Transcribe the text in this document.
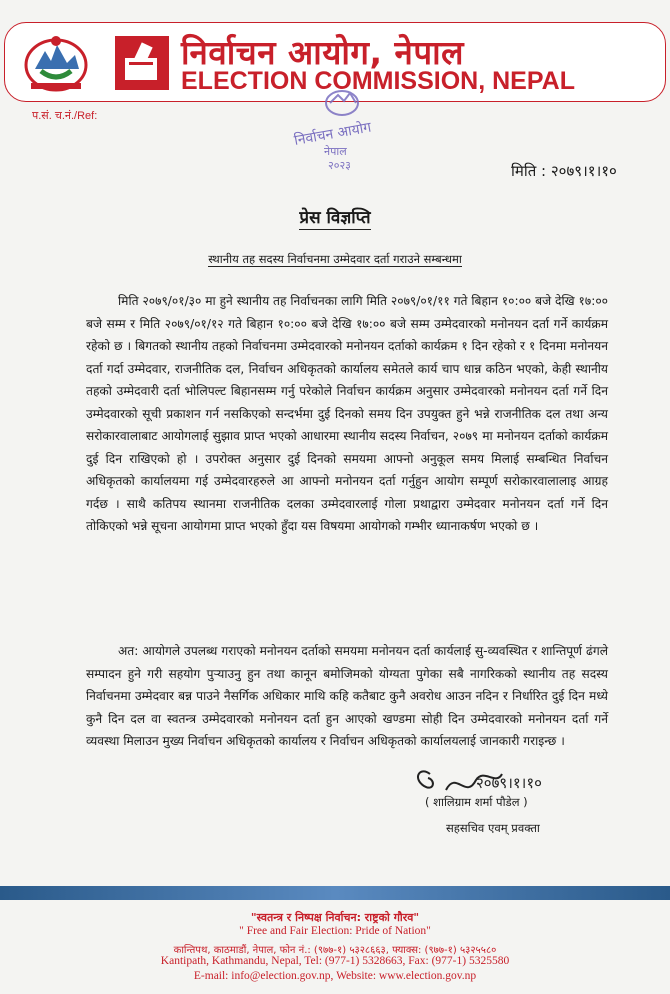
निर्वाचन आयोग, नेपाल
ELECTION COMMISSION, NEPAL
प.सं. च.नं./Ref:
निर्वाचन आयोग
नेपाल
२०२३	मिति : २०७९।१।१०
प्रेस विज्ञप्ति
स्थानीय तह सदस्य निर्वाचनमा उम्मेदवार दर्ता गराउने सम्बन्धमा
मिति २०७९/०१/३० मा हुने स्थानीय तह निर्वाचनका लागि मिति २०७९/०१/११ गते बिहान १०:०० बजे देखि १७:०० बजे सम्म र मिति २०७९/०१/१२ गते बिहान १०:०० बजे देखि १७:०० बजे सम्म उम्मेदवारको मनोनयन दर्ता गर्ने कार्यक्रम रहेको छ । बिगतको स्थानीय तहको निर्वाचनमा उम्मेदवारको मनोनयन दर्ताको कार्यक्रम १ दिन रहेको र १ दिनमा मनोनयन दर्ता गर्दा उम्मेदवार, राजनीतिक दल, निर्वाचन अधिकृतको कार्यालय समेतले कार्य चाप धान्न कठिन भएको, केही स्थानीय तहको उम्मेदवारी दर्ता भोलिपल्ट बिहानसम्म गर्नु परेकोले निर्वाचन कार्यक्रम अनुसार उम्मेदवारको मनोनयन दर्ता गर्ने दिन उम्मेदवारको सूची प्रकाशन गर्न नसकिएको सन्दर्भमा दुई दिनको समय दिन उपयुक्त हुने भन्ने राजनीतिक दल तथा अन्य सरोकारवालाबाट आयोगलाई सुझाव प्राप्त भएको आधारमा स्थानीय सदस्य निर्वाचन, २०७९ मा मनोनयन दर्ताको कार्यक्रम दुई दिन राखिएको हो । उपरोक्त अनुसार दुई दिनको समयमा आफ्नो अनुकूल समय मिलाई सम्बन्धित निर्वाचन अधिकृतको कार्यालयमा गई उम्मेदवारहरुले आ आफ्नो मनोनयन दर्ता गर्नुहुन आयोग सम्पूर्ण सरोकारवालालाइ आग्रह गर्दछ । साथै कतिपय स्थानमा राजनीतिक दलका उम्मेदवारलाई गोला प्रथाद्वारा उम्मेदवार मनोनयन दर्ता गर्ने दिन तोकिएको भन्ने सूचना आयोगमा प्राप्त भएको हुँदा यस विषयमा आयोगको गम्भीर ध्यानाकर्षण भएको छ ।
अत: आयोगले उपलब्ध गराएको मनोनयन दर्ताको समयमा मनोनयन दर्ता कार्यलाई सु-व्यवस्थित र शान्तिपूर्ण ढंगले सम्पादन हुने गरी सहयोग पुर्‍याउनु हुन तथा कानून बमोजिमको योग्यता पुगेका सबै नागरिकको स्थानीय तह सदस्य निर्वाचनमा उम्मेदवार बन्न पाउने नैसर्गिक अधिकार माथि कहि कतैबाट कुनै अवरोध आउन नदिन र निर्धारित दुई दिन मध्ये कुनै दिन दल वा स्वतन्त्र उम्मेदवारको मनोनयन दर्ता हुन आएको खण्डमा सोही दिन उम्मेदवारको मनोनयन दर्ता गर्ने व्यवस्था मिलाउन मुख्य निर्वाचन अधिकृतको कार्यालय र निर्वाचन अधिकृतको कार्यालयलाई जानकारी गराइन्छ ।
२०७९।१।१०
( शालिग्राम शर्मा पौडेल )
सहसचिव एवम् प्रवक्ता
"स्वतन्त्र र निष्पक्ष निर्वाचन: राष्ट्रको गौरव"
" Free and Fair Election: Pride of Nation"
कान्तिपथ, काठमाडौं, नेपाल, फोन नं.: (९७७-१) ५३२८६६३, फ्याक्स: (९७७-१) ५३२५५८०
Kantipath, Kathmandu, Nepal, Tel: (977-1) 5328663, Fax: (977-1) 5325580
E-mail: info@election.gov.np, Website: www.election.gov.np
